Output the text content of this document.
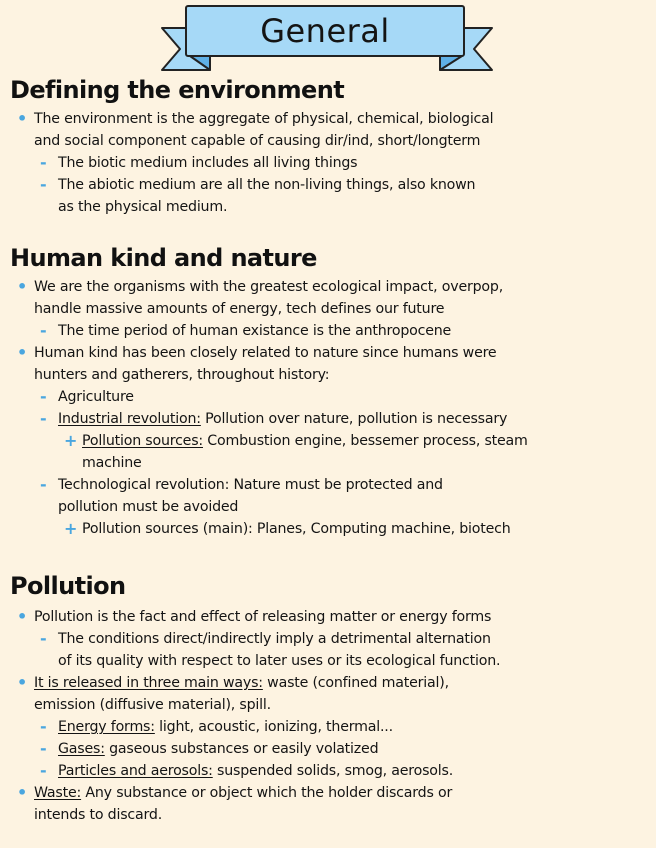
General
Defining the environment
• The environment is the aggregate of physical, chemical, biological
and social component capable of causing dir/ind, short/longterm
- The biotic medium includes all living things
- The abiotic medium are all the non-living things, also known
as the physical medium.
Human kind and nature
• We are the organisms with the greatest ecological impact, overpop,
handle massive amounts of energy, tech defines our future
- The time period of human existance is the anthropocene
• Human kind has been closely related to nature since humans were
hunters and gatherers, throughout history:
- Agriculture
- Industrial revolution: Pollution over nature, pollution is necessary
+ Pollution sources: Combustion engine, bessemer process, steam
machine
- Technological revolution: Nature must be protected and
pollution must be avoided
+ Pollution sources (main): Planes, Computing machine, biotech
Pollution
• Pollution is the fact and effect of releasing matter or energy forms
- The conditions direct/indirectly imply a detrimental alternation
of its quality with respect to later uses or its ecological function.
• It is released in three main ways: waste (confined material),
emission (diffusive material), spill.
- Energy forms: light, acoustic, ionizing, thermal...
- Gases: gaseous substances or easily volatized
- Particles and aerosols: suspended solids, smog, aerosols.
• Waste: Any substance or object which the holder discards or
intends to discard.
